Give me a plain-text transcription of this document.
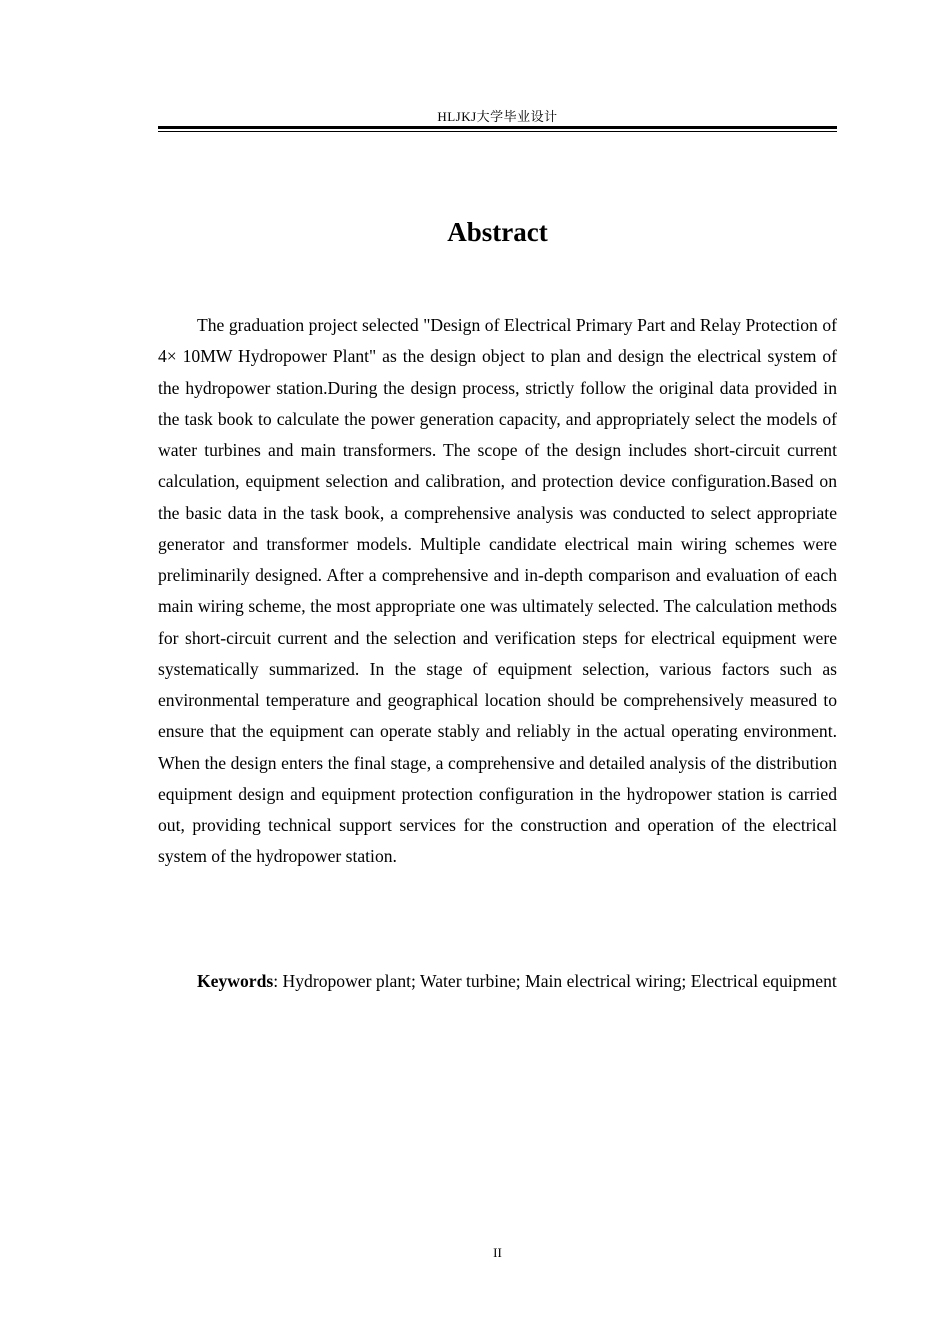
HLJKJ大学毕业设计
Abstract

The graduation project selected "Design of Electrical Primary Part and Relay Protection of 4× 10MW Hydropower Plant" as the design object to plan and design the electrical system of the hydropower station.During the design process, strictly follow the original data provided in the task book to calculate the power generation capacity, and appropriately select the models of water turbines and main transformers. The scope of the design includes short-circuit current calculation, equipment selection and calibration, and protection device configuration.Based on the basic data in the task book, a comprehensive analysis was conducted to select appropriate generator and transformer models. Multiple candidate electrical main wiring schemes were preliminarily designed. After a comprehensive and in-depth comparison and evaluation of each main wiring scheme, the most appropriate one was ultimately selected. The calculation methods for short-circuit current and the selection and verification steps for electrical equipment were systematically summarized. In the stage of equipment selection, various factors such as environmental temperature and geographical location should be comprehensively measured to ensure that the equipment can operate stably and reliably in the actual operating environment. When the design enters the final stage, a comprehensive and detailed analysis of the distribution equipment design and equipment protection configuration in the hydropower station is carried out, providing technical support services for the construction and operation of the electrical system of the hydropower station.

Keywords: Hydropower plant; Water turbine; Main electrical wiring; Electrical equipment

II
